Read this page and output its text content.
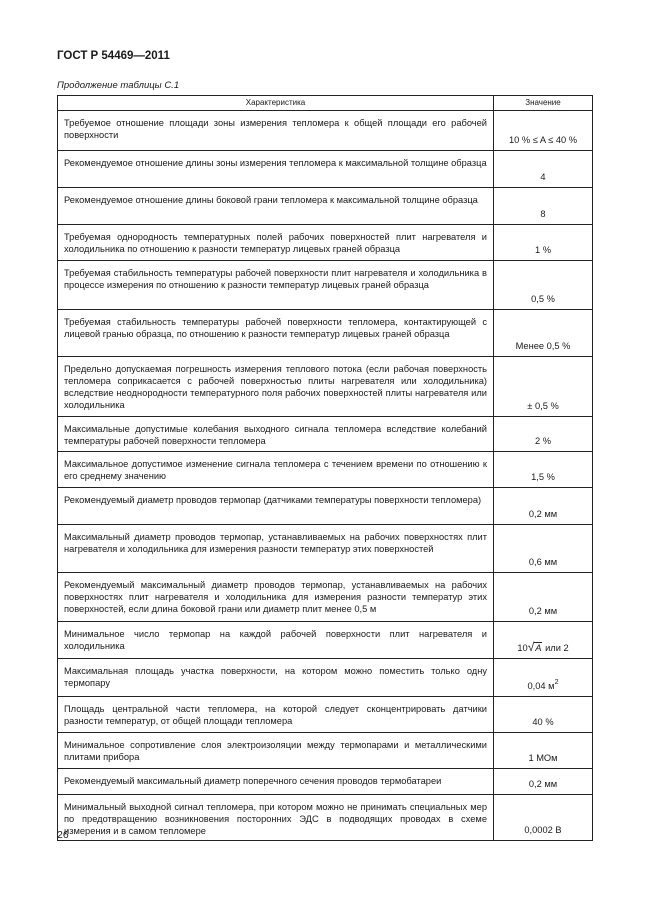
ГОСТ Р 54469—2011
Продолжение таблицы С.1
Характеристика	Значение
Требуемое отношение площади зоны измерения тепломера к общей площади его рабочей поверхности	10 % ≤ A ≤ 40 %
Рекомендуемое отношение длины зоны измерения тепломера к максимальной толщине образца	4
Рекомендуемое отношение длины боковой грани тепломера к максимальной толщине образца	8
Требуемая однородность температурных полей рабочих поверхностей плит нагревателя и холодильника по отношению к разности температур лицевых граней образца	1 %
Требуемая стабильность температуры рабочей поверхности плит нагревателя и холодильника в процессе измерения по отношению к разности температур лицевых граней образца	0,5 %
Требуемая стабильность температуры рабочей поверхности тепломера, контактирующей с лицевой гранью образца, по отношению к разности температур лицевых граней образца	Менее 0,5 %
Предельно допускаемая погрешность измерения теплового потока (если рабочая поверхность тепломера соприкасается с рабочей поверхностью плиты нагревателя или холодильника) вследствие неоднородности температурного поля рабочих поверхностей плиты нагревателя или холодильника	± 0,5 %
Максимальные допустимые колебания выходного сигнала тепломера вследствие колебаний температуры рабочей поверхности тепломера	2 %
Максимальное допустимое изменение сигнала тепломера с течением времени по отношению к его среднему значению	1,5 %
Рекомендуемый диаметр проводов термопар (датчиками температуры поверхности тепломера)	0,2 мм
Максимальный диаметр проводов термопар, устанавливаемых на рабочих поверхностях плит нагревателя и холодильника для измерения разности температур этих поверхностей	0,6 мм
Рекомендуемый максимальный диаметр проводов термопар, устанавливаемых на рабочих поверхностях плит нагревателя и холодильника для измерения разности температур этих поверхностей, если длина боковой грани или диаметр плит менее 0,5 м	0,2 мм
Минимальное число термопар на каждой рабочей поверхности плит нагревателя и холодильника	10√A или 2
Максимальная площадь участка поверхности, на котором можно поместить только одну термопару	0,04 $м^2$
Площадь центральной части тепломера, на которой следует сконцентрировать датчики разности температур, от общей площади тепломера	40 %
Минимальное сопротивление слоя электроизоляции между термопарами и металлическими плитами прибора	1 МОм
Рекомендуемый максимальный диаметр поперечного сечения проводов термобатареи	0,2 мм
Минимальный выходной сигнал тепломера, при котором можно не принимать специальных мер по предотвращению возникновения посторонних ЭДС в подводящих проводах в схеме измерения и в самом тепломере	0,0002 В
26
